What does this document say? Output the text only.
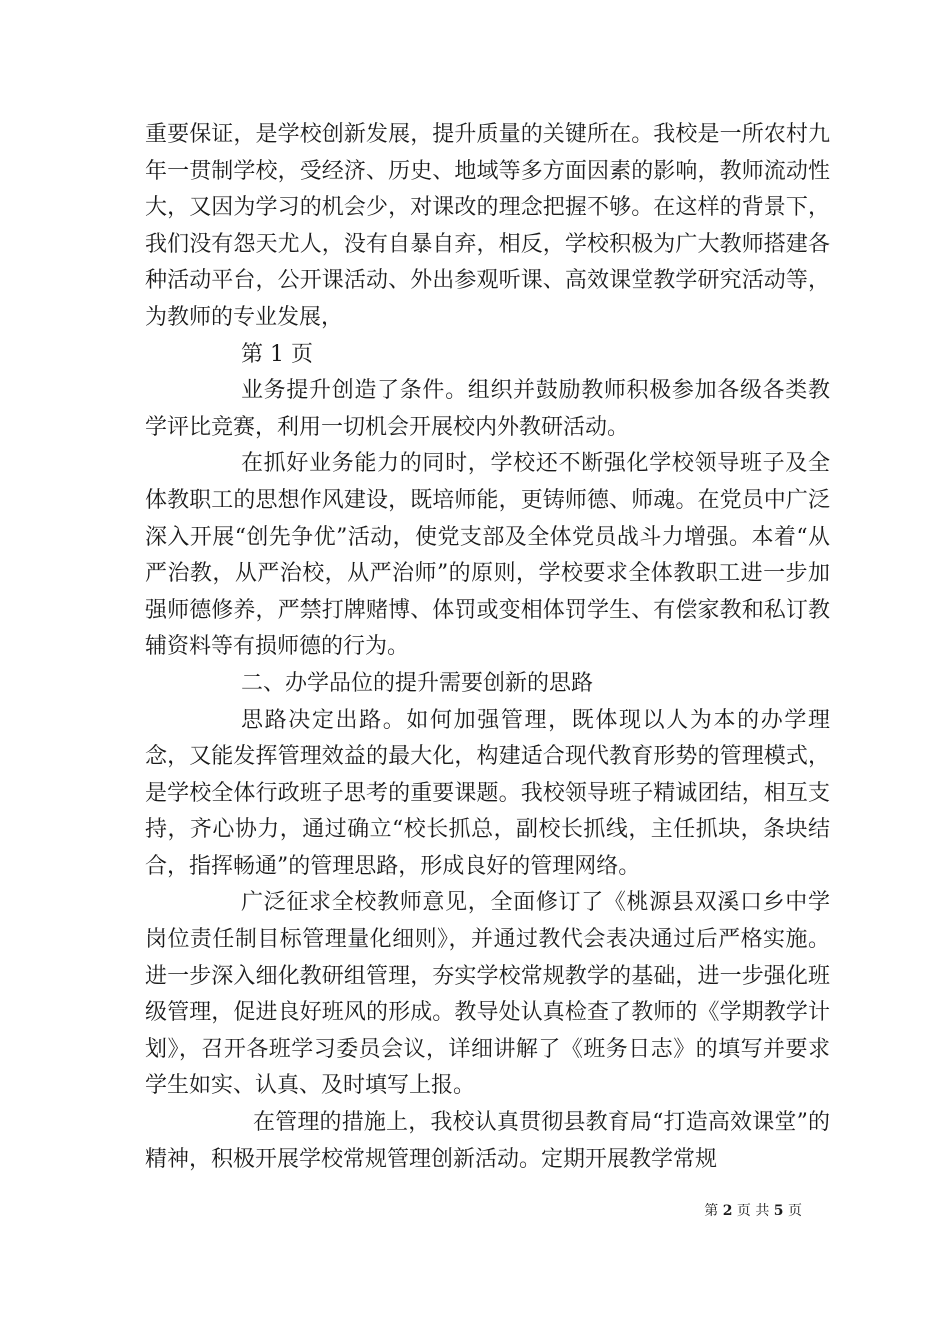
重要保证，是学校创新发展，提升质量的关键所在。我校是一所农村九年一贯制学校，受经济、历史、地域等多方面因素的影响，教师流动性大，又因为学习的机会少，对课改的理念把握不够。在这样的背景下，我们没有怨天尤人，没有自暴自弃，相反，学校积极为广大教师搭建各种活动平台，公开课活动、外出参观听课、高效课堂教学研究活动等，为教师的专业发展，

第 1 页

业务提升创造了条件。组织并鼓励教师积极参加各级各类教学评比竞赛，利用一切机会开展校内外教研活动。

在抓好业务能力的同时，学校还不断强化学校领导班子及全体教职工的思想作风建设，既培师能，更铸师德、师魂。在党员中广泛深入开展“创先争优”活动，使党支部及全体党员战斗力增强。本着“从严治教，从严治校，从严治师”的原则，学校要求全体教职工进一步加强师德修养，严禁打牌赌博、体罚或变相体罚学生、有偿家教和私订教辅资料等有损师德的行为。

二、办学品位的提升需要创新的思路

思路决定出路。如何加强管理，既体现以人为本的办学理念，又能发挥管理效益的最大化，构建适合现代教育形势的管理模式，是学校全体行政班子思考的重要课题。我校领导班子精诚团结，相互支持，齐心协力，通过确立“校长抓总，副校长抓线，主任抓块，条块结合，指挥畅通”的管理思路，形成良好的管理网络。

广泛征求全校教师意见，全面修订了《桃源县双溪口乡中学岗位责任制目标管理量化细则》，并通过教代会表决通过后严格实施。进一步深入细化教研组管理，夯实学校常规教学的基础，进一步强化班级管理，促进良好班风的形成。教导处认真检查了教师的《学期教学计划》，召开各班学习委员会议，详细讲解了《班务日志》的填写并要求学生如实、认真、及时填写上报。

在管理的措施上，我校认真贯彻县教育局“打造高效课堂”的精神，积极开展学校常规管理创新活动。定期开展教学常规

第 2 页 共 5 页
